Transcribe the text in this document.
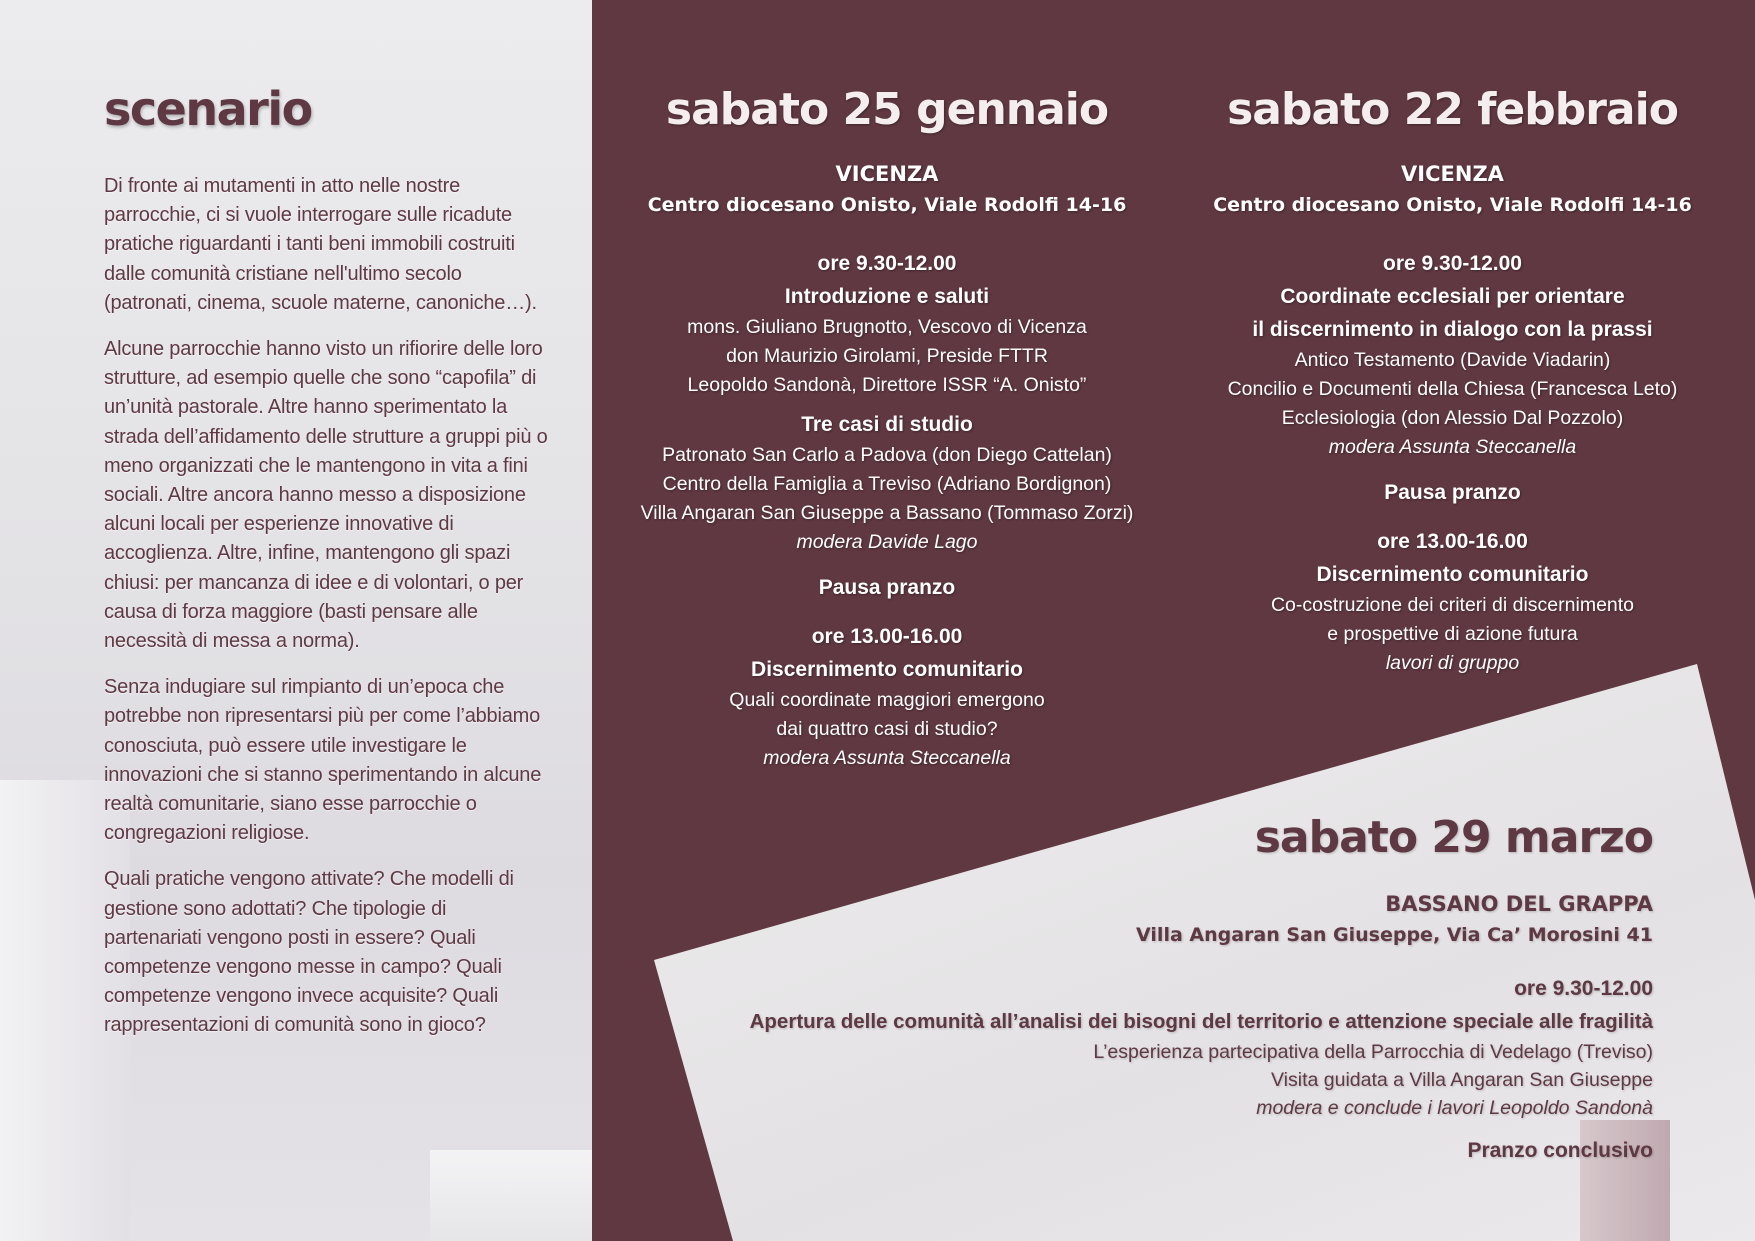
scenario

Di fronte ai mutamenti in atto nelle nostre parrocchie, ci si vuole interrogare sulle ricadute pratiche riguardanti i tanti beni immobili costruiti dalle comunità cristiane nell'ultimo secolo (patronati, cinema, scuole materne, canoniche…).

Alcune parrocchie hanno visto un rifiorire delle loro strutture, ad esempio quelle che sono “capofila” di un’unità pastorale. Altre hanno sperimentato la strada dell’affidamento delle strutture a gruppi più o meno organizzati che le mantengono in vita a fini sociali. Altre ancora hanno messo a disposizione alcuni locali per esperienze innovative di accoglienza. Altre, infine, mantengono gli spazi chiusi: per mancanza di idee e di volontari, o per causa di forza maggiore (basti pensare alle necessità di messa a norma).

Senza indugiare sul rimpianto di un’epoca che potrebbe non ripresentarsi più per come l’abbiamo conosciuta, può essere utile investigare le innovazioni che si stanno sperimentando in alcune realtà comunitarie, siano esse parrocchie o congregazioni religiose.

Quali pratiche vengono attivate? Che modelli di gestione sono adottati? Che tipologie di partenariati vengono posti in essere? Quali competenze vengono messe in campo? Quali competenze vengono invece acquisite? Quali rappresentazioni di comunità sono in gioco?

sabato 25 gennaio
VICENZA
Centro diocesano Onisto, Viale Rodolfi 14-16
ore 9.30-12.00
Introduzione e saluti
mons. Giuliano Brugnotto, Vescovo di Vicenza
don Maurizio Girolami, Preside FTTR
Leopoldo Sandonà, Direttore ISSR “A. Onisto”
Tre casi di studio
Patronato San Carlo a Padova (don Diego Cattelan)
Centro della Famiglia a Treviso (Adriano Bordignon)
Villa Angaran San Giuseppe a Bassano (Tommaso Zorzi)
modera Davide Lago
Pausa pranzo
ore 13.00-16.00
Discernimento comunitario
Quali coordinate maggiori emergono
dai quattro casi di studio?
modera Assunta Steccanella
sabato 22 febbraio
VICENZA
Centro diocesano Onisto, Viale Rodolfi 14-16
ore 9.30-12.00
Coordinate ecclesiali per orientare
il discernimento in dialogo con la prassi
Antico Testamento (Davide Viadarin)
Concilio e Documenti della Chiesa (Francesca Leto)
Ecclesiologia (don Alessio Dal Pozzolo)
modera Assunta Steccanella
Pausa pranzo
ore 13.00-16.00
Discernimento comunitario
Co-costruzione dei criteri di discernimento
e prospettive di azione futura
lavori di gruppo
sabato 29 marzo
BASSANO DEL GRAPPA
Villa Angaran San Giuseppe, Via Ca’ Morosini 41
ore 9.30-12.00
Apertura delle comunità all’analisi dei bisogni del territorio e attenzione speciale alle fragilità
L’esperienza partecipativa della Parrocchia di Vedelago (Treviso)
Visita guidata a Villa Angaran San Giuseppe
modera e conclude i lavori Leopoldo Sandonà
Pranzo conclusivo
